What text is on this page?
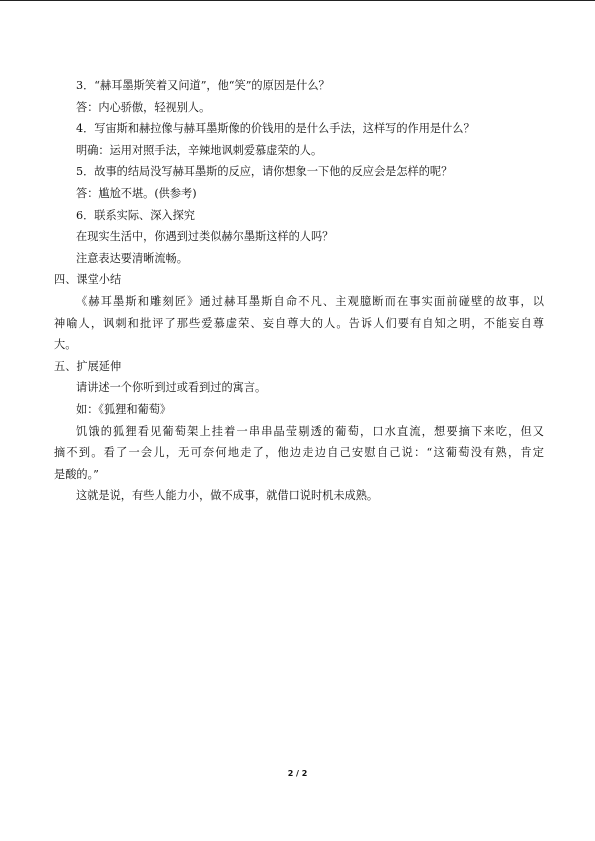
3．“赫耳墨斯笑着又问道”，他“笑”的原因是什么？
答：内心骄傲，轻视别人。
4．写宙斯和赫拉像与赫耳墨斯像的价钱用的是什么手法，这样写的作用是什么？
明确：运用对照手法，辛辣地讽刺爱慕虚荣的人。
5．故事的结局没写赫耳墨斯的反应，请你想象一下他的反应会是怎样的呢？
答：尴尬不堪。(供参考)
6．联系实际、深入探究
在现实生活中，你遇到过类似赫尔墨斯这样的人吗？
注意表达要清晰流畅。
四、课堂小结
《赫耳墨斯和雕刻匠》通过赫耳墨斯自命不凡、主观臆断而在事实面前碰壁的故事，以
神喻人，讽刺和批评了那些爱慕虚荣、妄自尊大的人。告诉人们要有自知之明，不能妄自尊
大。
五、扩展延伸
请讲述一个你听到过或看到过的寓言。
如：《狐狸和葡萄》
饥饿的狐狸看见葡萄架上挂着一串串晶莹剔透的葡萄，口水直流，想要摘下来吃，但又
摘不到。看了一会儿，无可奈何地走了，他边走边自己安慰自己说：“这葡萄没有熟，肯定
是酸的。”
这就是说，有些人能力小，做不成事，就借口说时机未成熟。
2 / 2
